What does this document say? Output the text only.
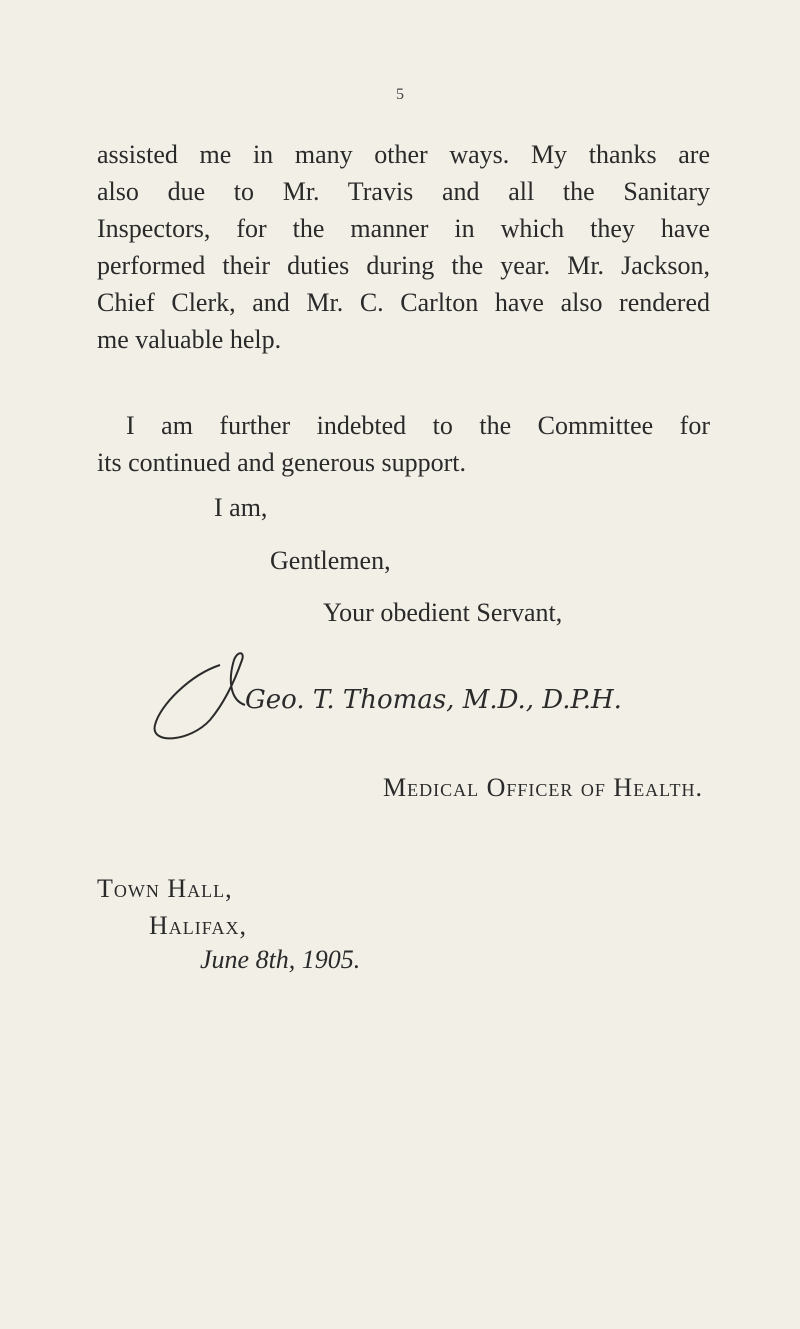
5

assisted me in many other ways. My thanks are
also due to Mr. Travis and all the Sanitary
Inspectors, for the manner in which they have
performed their duties during the year. Mr. Jackson,
Chief Clerk, and Mr. C. Carlton have also rendered
me valuable help.

I am further indebted to the Committee for
its continued and generous support.

I am,
Gentlemen,
Your obedient Servant,
Geo. T. Thomas, M.D., D.P.H.
Medical Officer of Health.
Town Hall,
Halifax,
June 8th, 1905.
